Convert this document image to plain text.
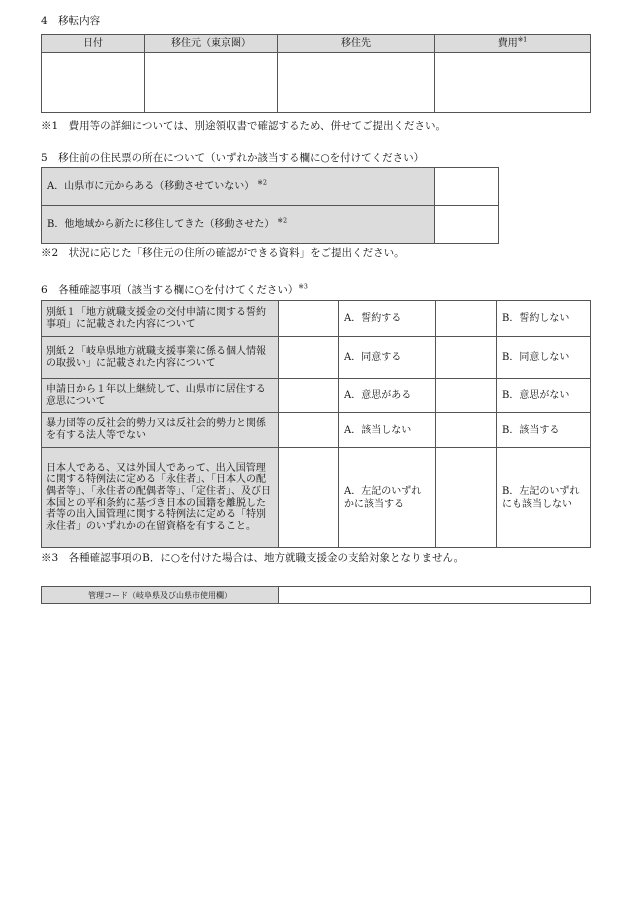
4　移転内容
日付	移住元（東京圏）	移住先	費用$^{※1}$

※1　費用等の詳細については、別途領収書で確認するため、併せてご提出ください。
5　移住前の住民票の所在について（いずれか該当する欄に○を付けてください）
A．山県市に元からある（移動させていない） $^{※2}$	
B．他地域から新たに移住してきた（移動させた） $^{※2}$	
※2　状況に応じた「移住元の住所の確認ができる資料」をご提出ください。
6　各種確認事項（該当する欄に○を付けてください）$^{※3}$
別紙１「地方就職支援金の交付申請に関する誓約事項」に記載された内容について		A．誓約する		B．誓約しない
別紙２「岐阜県地方就職支援事業に係る個人情報の取扱い」に記載された内容について		A．同意する		B．同意しない
申請日から１年以上継続して、山県市に居住する意思について		A．意思がある		B．意思がない
暴力団等の反社会的勢力又は反社会的勢力と関係を有する法人等でない		A．該当しない		B．該当する
日本人である、又は外国人であって、出入国管理に関する特例法に定める「永住者」、「日本人の配偶者等」、「永住者の配偶者等」、「定住者」、及び日本国との平和条約に基づき日本の国籍を離脱した者等の出入国管理に関する特例法に定める「特別永住者」のいずれかの在留資格を有すること。		A．左記のいずれかに該当する		B．左記のいずれにも該当しない
※3　各種確認事項のB．に○を付けた場合は、地方就職支援金の支給対象となりません。
管理コード（岐阜県及び山県市使用欄）	
